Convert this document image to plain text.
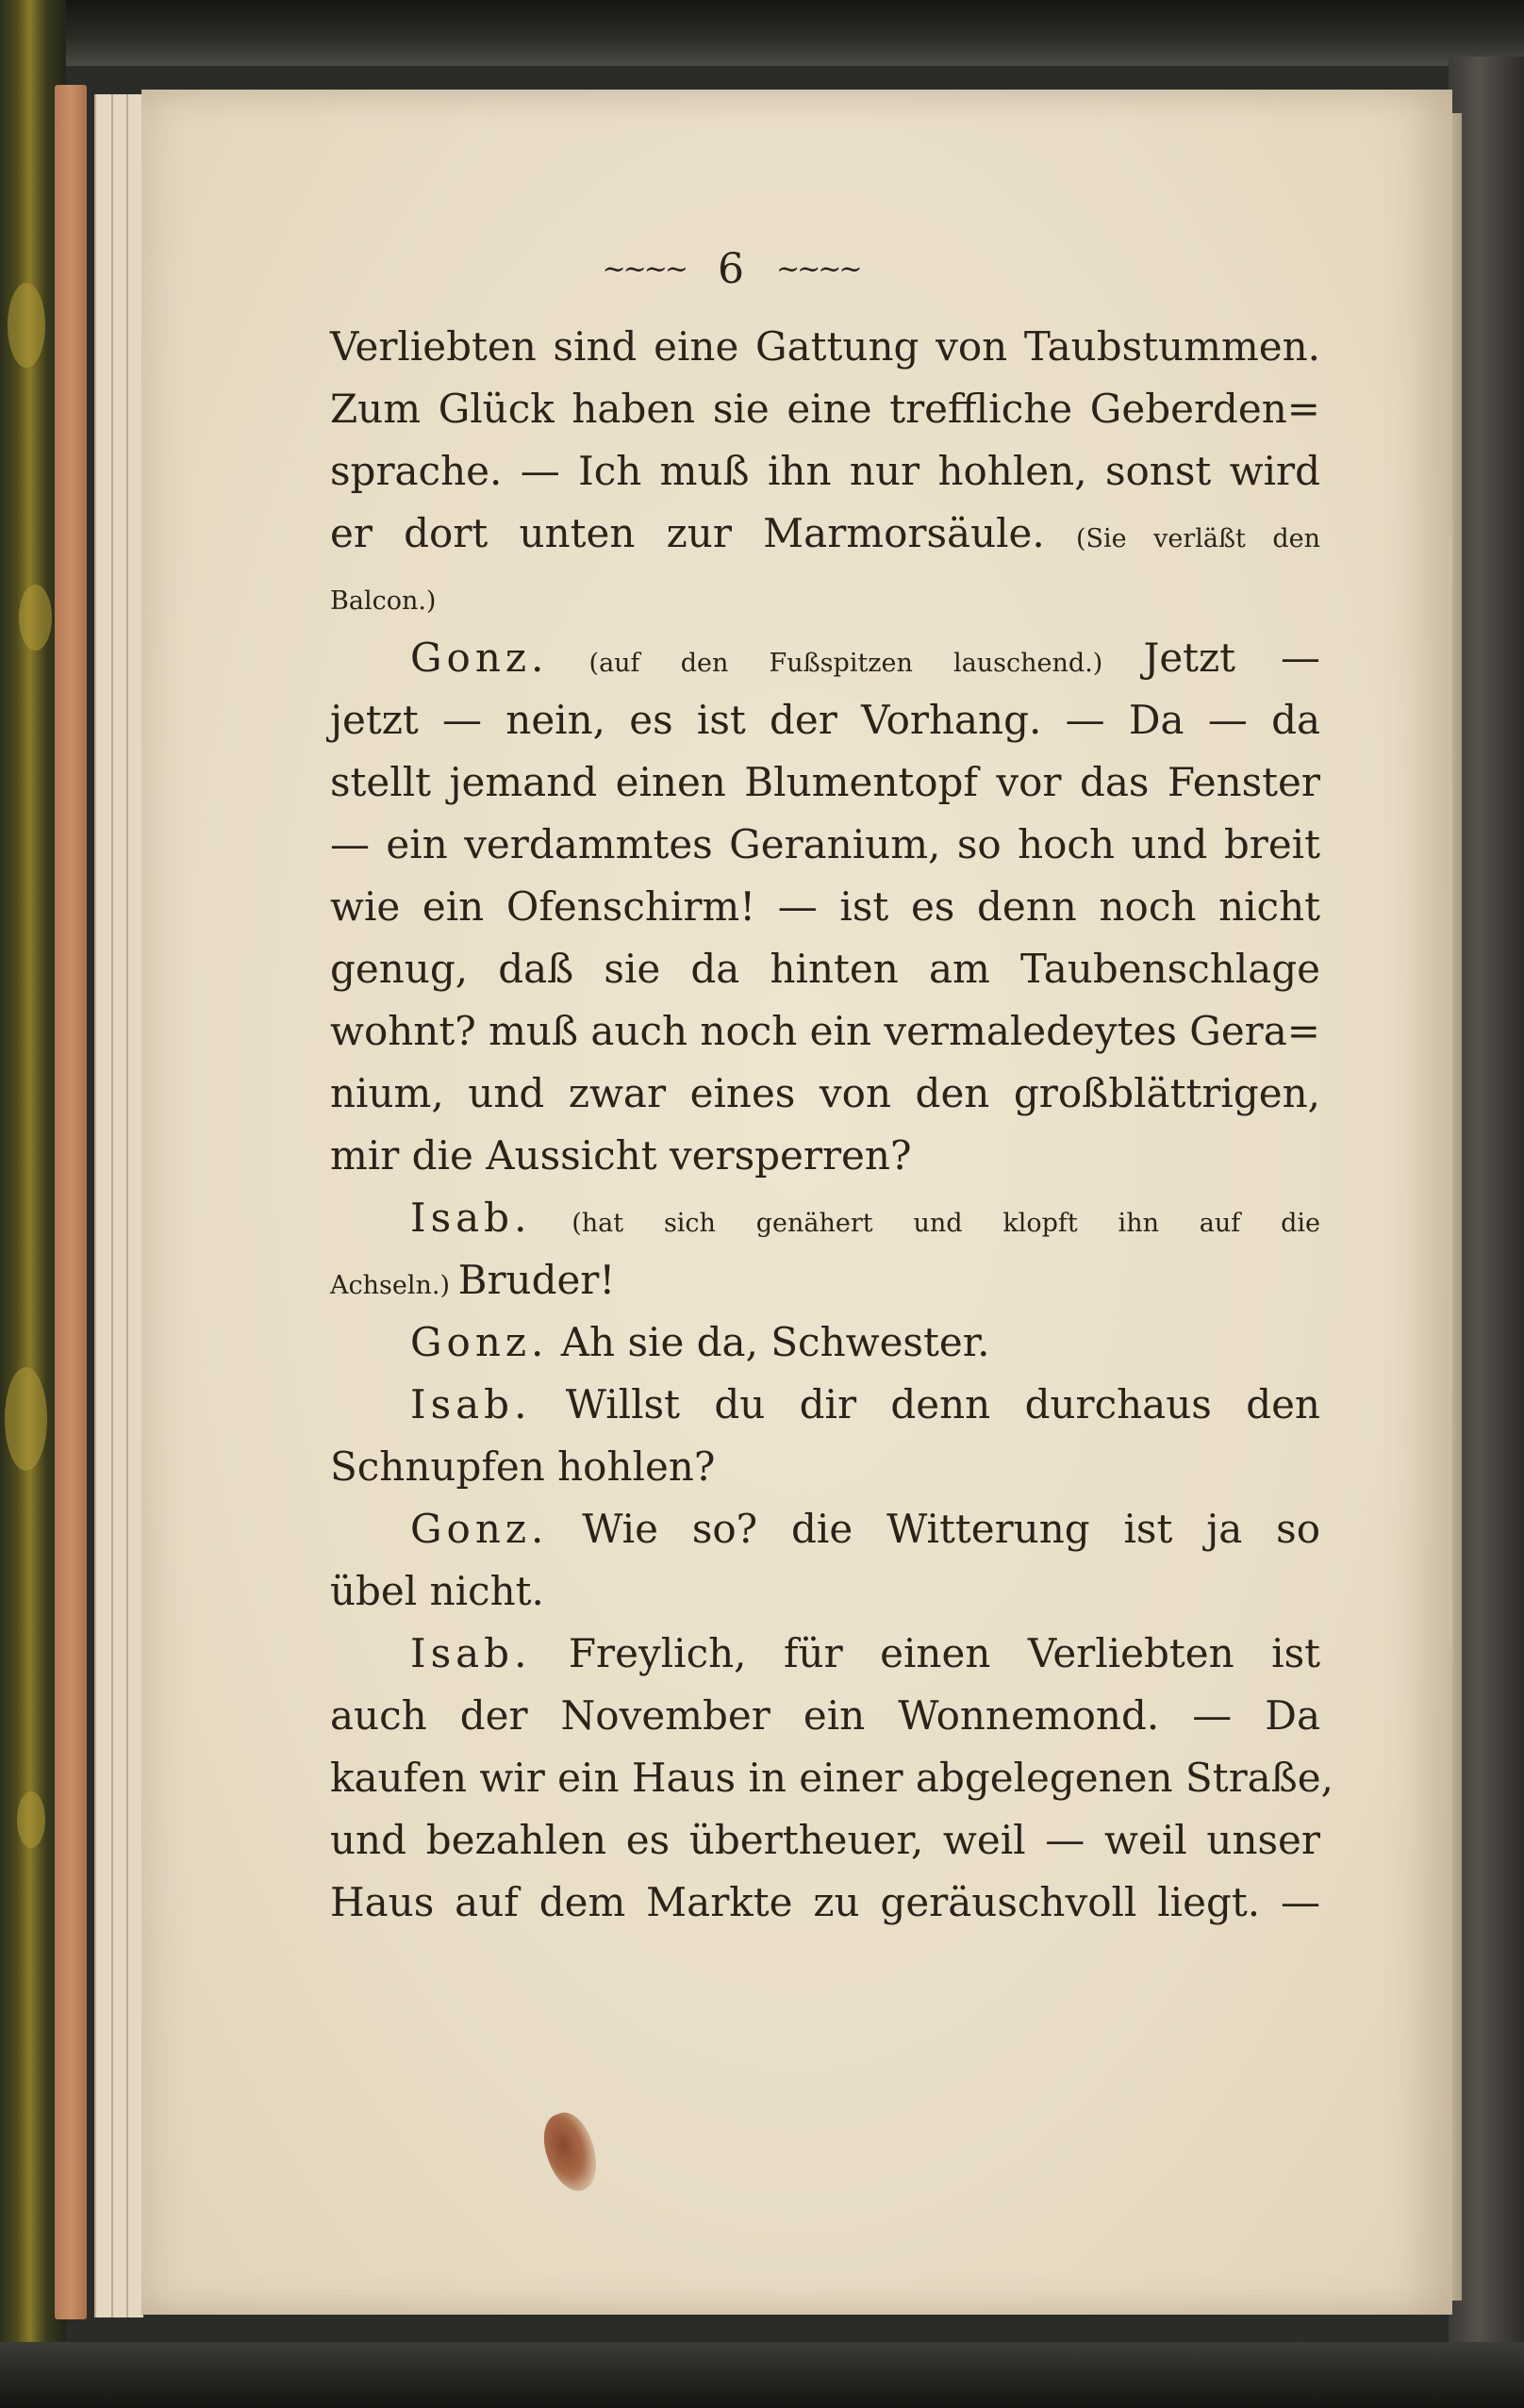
~~~~ 6 ~~~~
Verliebten sind eine Gattung von Taubstummen.
Zum Glück haben sie eine treffliche Geberden=
sprache. — Ich muß ihn nur hohlen, sonst wird
er dort unten zur Marmorsäule. (Sie verläßt den
Balcon.)
Gonz. (auf den Fußspitzen lauschend.) Jetzt —
jetzt — nein, es ist der Vorhang. — Da — da
stellt jemand einen Blumentopf vor das Fenster
— ein verdammtes Geranium, so hoch und breit
wie ein Ofenschirm! — ist es denn noch nicht
genug, daß sie da hinten am Taubenschlage
wohnt? muß auch noch ein vermaledeytes Gera=
nium, und zwar eines von den großblättrigen,
mir die Aussicht versperren?
Isab. (hat sich genähert und klopft ihn auf die
Achseln.) Bruder!
Gonz. Ah sie da, Schwester.
Isab. Willst du dir denn durchaus den
Schnupfen hohlen?
Gonz. Wie so? die Witterung ist ja so
übel nicht.
Isab. Freylich, für einen Verliebten ist
auch der November ein Wonnemond. — Da
kaufen wir ein Haus in einer abgelegenen Straße,
und bezahlen es übertheuer, weil — weil unser
Haus auf dem Markte zu geräuschvoll liegt. —
